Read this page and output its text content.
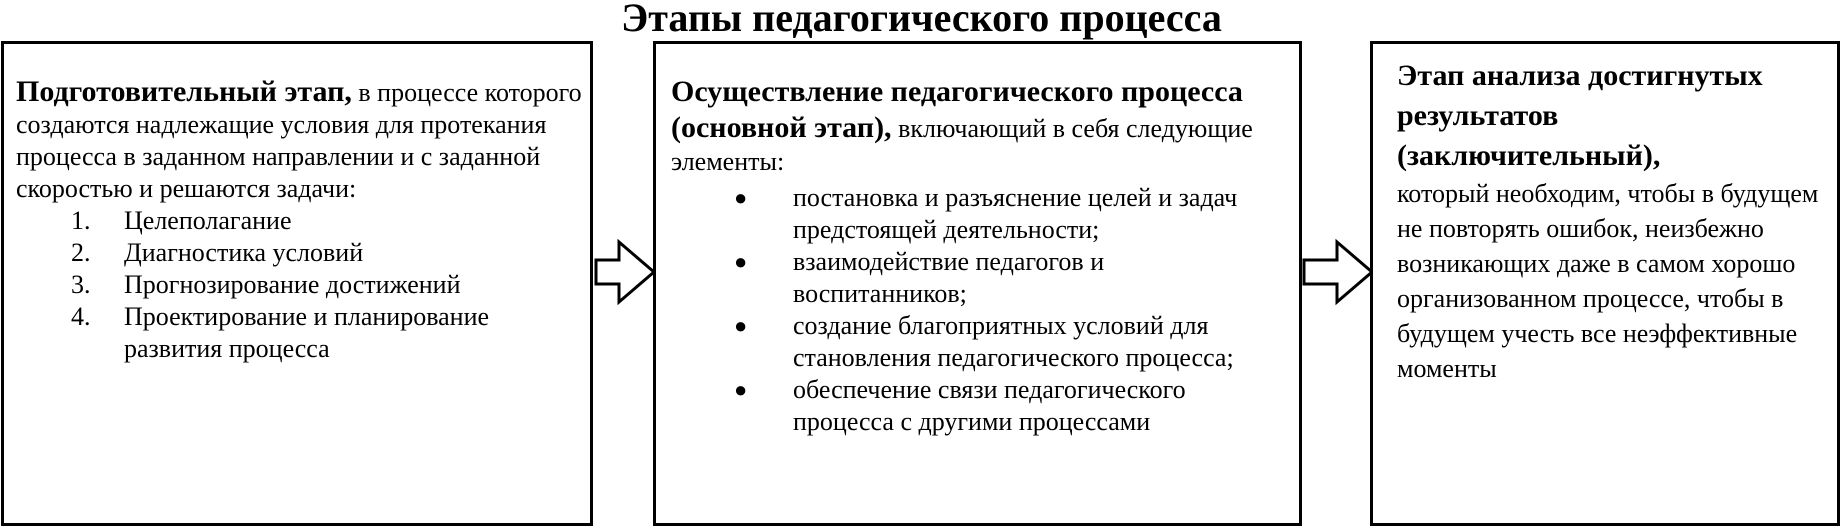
Этапы педагогического процесса
Подготовительный этап, в процессе которого создаются надлежащие условия для протекания процесса в заданном направлении и с заданной скоростью и решаются задачи:
1. Целеполагание
2. Диагностика условий
3. Прогнозирование достижений
4. Проектирование и планирование развития процесса
Осуществление педагогического процесса (основной этап), включающий в себя следующие элементы:
● постановка и разъяснение целей и задач предстоящей деятельности;
● взаимодействие педагогов и воспитанников;
● создание благоприятных условий для становления педагогического процесса;
● обеспечение связи педагогического процесса с другими процессами
Этап анализа достигнутых результатов (заключительный),
который необходим, чтобы в будущем не повторять ошибок, неизбежно возникающих даже в самом хорошо организованном процессе, чтобы в будущем учесть все неэффективные моменты
